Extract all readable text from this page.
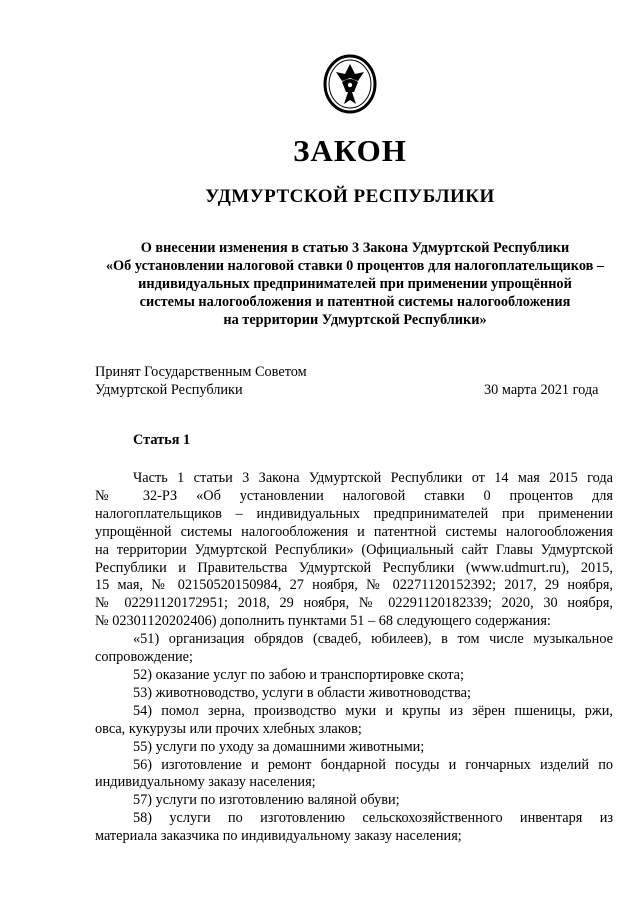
ЗАКОН
УДМУРТСКОЙ РЕСПУБЛИКИ
О внесении изменения в статью 3 Закона Удмуртской Республики
«Об установлении налоговой ставки 0 процентов для налогоплательщиков –
индивидуальных предпринимателей при применении упрощённой
системы налогообложения и патентной системы налогообложения
на территории Удмуртской Республики»
Принят Государственным Советом
Удмуртской Республики	30 марта 2021 года
Статья 1
Часть 1 статьи 3 Закона Удмуртской Республики от 14 мая 2015 года
№ 32-РЗ «Об установлении налоговой ставки 0 процентов для
налогоплательщиков – индивидуальных предпринимателей при применении
упрощённой системы налогообложения и патентной системы налогообложения
на территории Удмуртской Республики» (Официальный сайт Главы Удмуртской
Республики и Правительства Удмуртской Республики (www.udmurt.ru), 2015,
15 мая, № 02150520150984, 27 ноября, № 02271120152392; 2017, 29 ноября,
№ 02291120172951; 2018, 29 ноября, № 02291120182339; 2020, 30 ноября,
№ 02301120202406) дополнить пунктами 51 – 68 следующего содержания:
«51) организация обрядов (свадеб, юбилеев), в том числе музыкальное
сопровождение;
52) оказание услуг по забою и транспортировке скота;
53) животноводство, услуги в области животноводства;
54) помол зерна, производство муки и крупы из зёрен пшеницы, ржи,
овса, кукурузы или прочих хлебных злаков;
55) услуги по уходу за домашними животными;
56) изготовление и ремонт бондарной посуды и гончарных изделий по
индивидуальному заказу населения;
57) услуги по изготовлению валяной обуви;
58) услуги по изготовлению сельскохозяйственного инвентаря из
материала заказчика по индивидуальному заказу населения;
